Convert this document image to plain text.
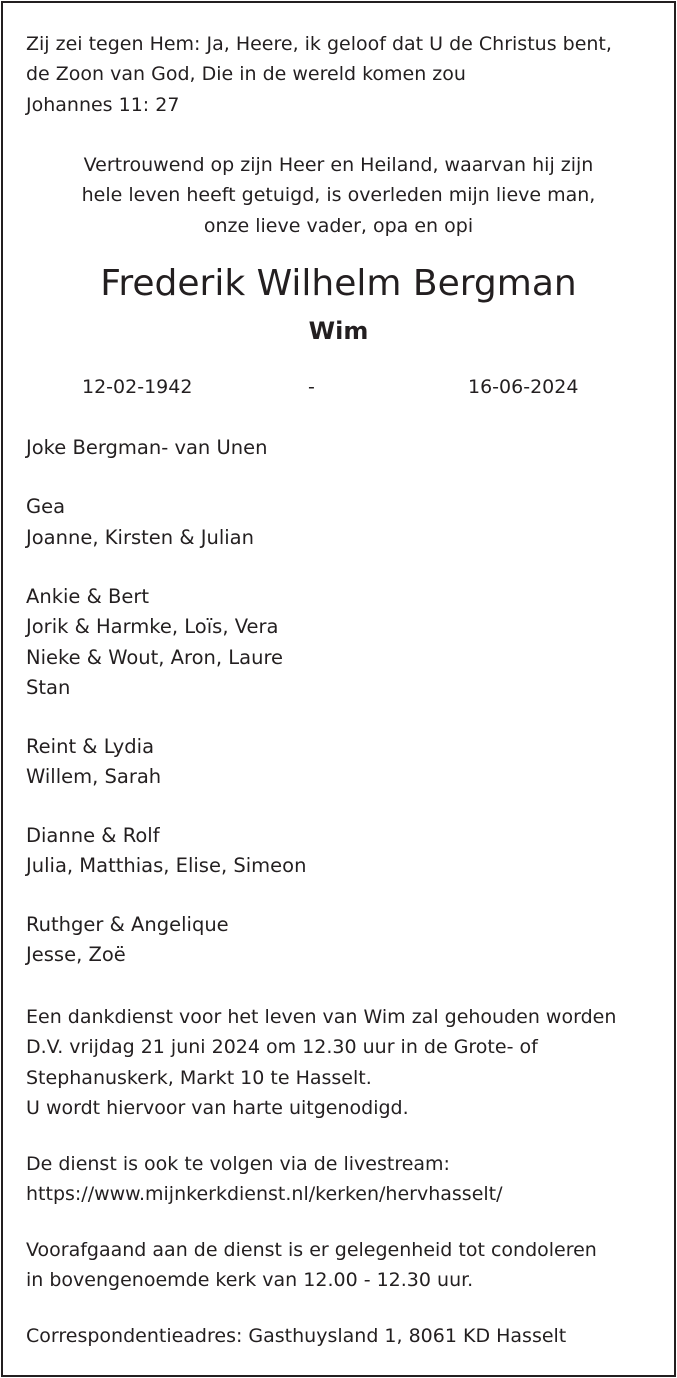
Zij zei tegen Hem: Ja, Heere, ik geloof dat U de Christus bent,
de Zoon van God, Die in de wereld komen zou
Johannes 11: 27
Vertrouwend op zijn Heer en Heiland, waarvan hij zijn
hele leven heeft getuigd, is overleden mijn lieve man,
onze lieve vader, opa en opi
Frederik Wilhelm Bergman
Wim
12-02-1942	-	16-06-2024
Joke Bergman- van Unen
Gea
Joanne, Kirsten & Julian
Ankie & Bert
Jorik & Harmke, Loïs, Vera
Nieke & Wout, Aron, Laure
Stan
Reint & Lydia
Willem, Sarah
Dianne & Rolf
Julia, Matthias, Elise, Simeon
Ruthger & Angelique
Jesse, Zoë
Een dankdienst voor het leven van Wim zal gehouden worden
D.V. vrijdag 21 juni 2024 om 12.30 uur in de Grote- of
Stephanuskerk, Markt 10 te Hasselt.
U wordt hiervoor van harte uitgenodigd.
De dienst is ook te volgen via de livestream:
https://www.mijnkerkdienst.nl/kerken/hervhasselt/
Voorafgaand aan de dienst is er gelegenheid tot condoleren
in bovengenoemde kerk van 12.00 - 12.30 uur.
Correspondentieadres: Gasthuysland 1, 8061 KD Hasselt
